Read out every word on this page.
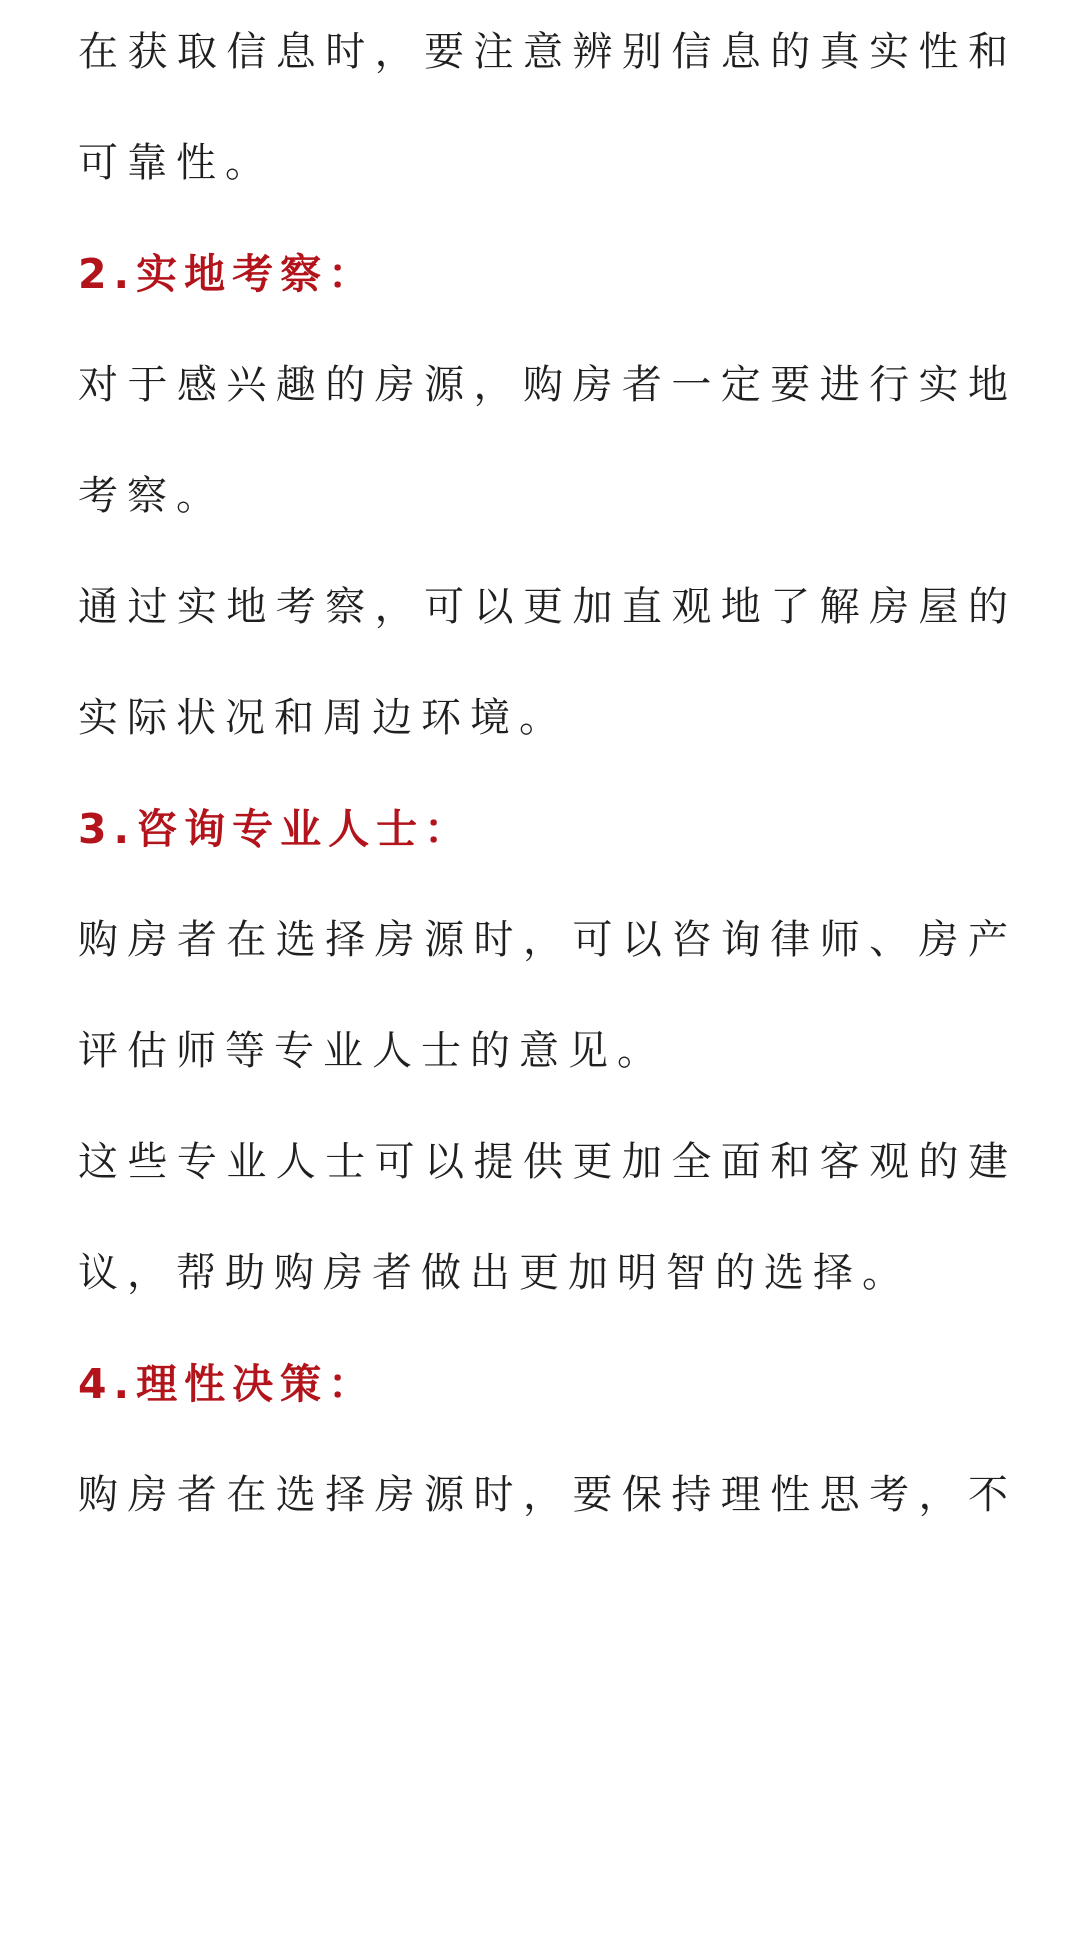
在获取信息时，要注意辨别信息的真实性和
可靠性。
2.实地考察：
对于感兴趣的房源，购房者一定要进行实地
考察。
通过实地考察，可以更加直观地了解房屋的
实际状况和周边环境。
3.咨询专业人士：
购房者在选择房源时，可以咨询律师、房产
评估师等专业人士的意见。
这些专业人士可以提供更加全面和客观的建
议，帮助购房者做出更加明智的选择。
4.理性决策：
购房者在选择房源时，要保持理性思考，不
